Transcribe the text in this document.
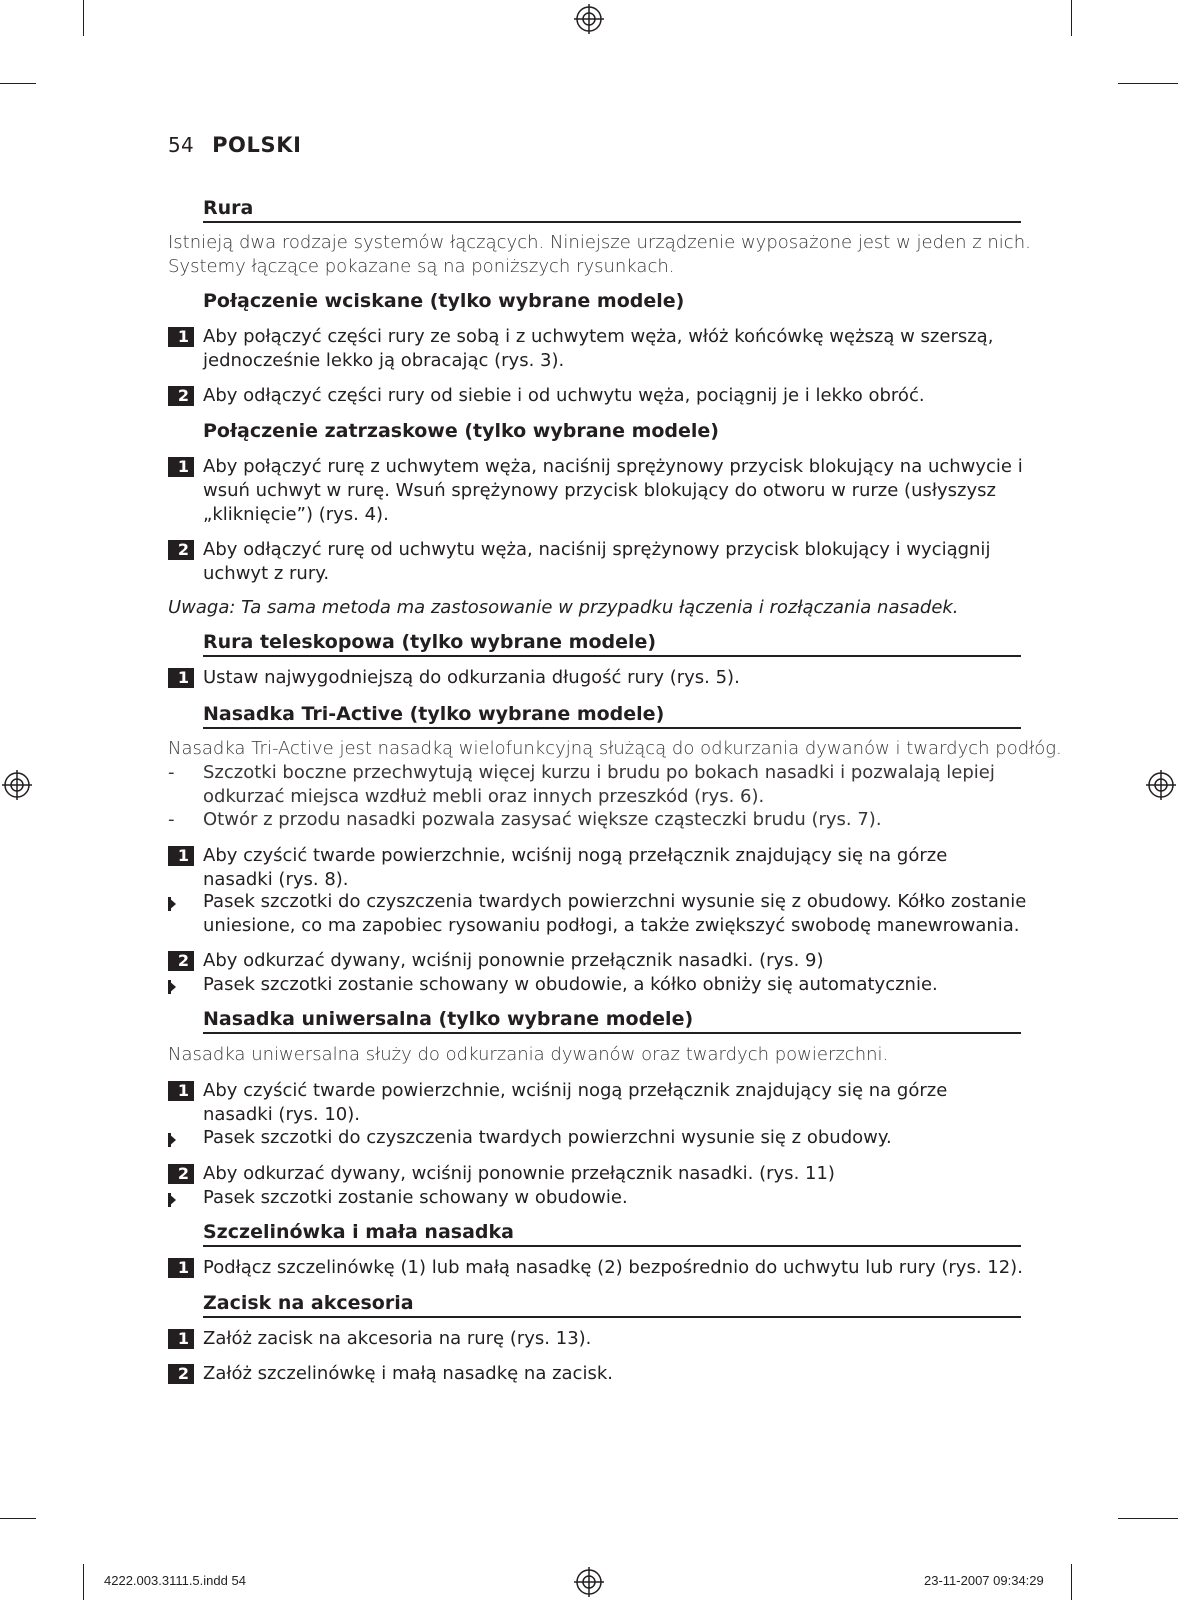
54 POLSKI
Rura
Istnieją dwa rodzaje systemów łączących. Niniejsze urządzenie wyposażone jest w jeden z nich.
Systemy łączące pokazane są na poniższych rysunkach.
Połączenie wciskane (tylko wybrane modele)
1 Aby połączyć części rury ze sobą i z uchwytem węża, włóż końcówkę węższą w szerszą,
jednocześnie lekko ją obracając (rys. 3).
2 Aby odłączyć części rury od siebie i od uchwytu węża, pociągnij je i lekko obróć.
Połączenie zatrzaskowe (tylko wybrane modele)
1 Aby połączyć rurę z uchwytem węża, naciśnij sprężynowy przycisk blokujący na uchwycie i
wsuń uchwyt w rurę. Wsuń sprężynowy przycisk blokujący do otworu w rurze (usłyszysz
„kliknięcie”) (rys. 4).
2 Aby odłączyć rurę od uchwytu węża, naciśnij sprężynowy przycisk blokujący i wyciągnij
uchwyt z rury.
Uwaga: Ta sama metoda ma zastosowanie w przypadku łączenia i rozłączania nasadek.
Rura teleskopowa (tylko wybrane modele)
1 Ustaw najwygodniejszą do odkurzania długość rury (rys. 5).
Nasadka Tri-Active (tylko wybrane modele)
Nasadka Tri-Active jest nasadką wielofunkcyjną służącą do odkurzania dywanów i twardych podłóg.
- Szczotki boczne przechwytują więcej kurzu i brudu po bokach nasadki i pozwalają lepiej
odkurzać miejsca wzdłuż mebli oraz innych przeszkód (rys. 6).
- Otwór z przodu nasadki pozwala zasysać większe cząsteczki brudu (rys. 7).
1 Aby czyścić twarde powierzchnie, wciśnij nogą przełącznik znajdujący się na górze
nasadki (rys. 8).
Pasek szczotki do czyszczenia twardych powierzchni wysunie się z obudowy. Kółko zostanie
uniesione, co ma zapobiec rysowaniu podłogi, a także zwiększyć swobodę manewrowania.
2 Aby odkurzać dywany, wciśnij ponownie przełącznik nasadki. (rys. 9)
Pasek szczotki zostanie schowany w obudowie, a kółko obniży się automatycznie.
Nasadka uniwersalna (tylko wybrane modele)
Nasadka uniwersalna służy do odkurzania dywanów oraz twardych powierzchni.
1 Aby czyścić twarde powierzchnie, wciśnij nogą przełącznik znajdujący się na górze
nasadki (rys. 10).
Pasek szczotki do czyszczenia twardych powierzchni wysunie się z obudowy.
2 Aby odkurzać dywany, wciśnij ponownie przełącznik nasadki. (rys. 11)
Pasek szczotki zostanie schowany w obudowie.
Szczelinówka i mała nasadka
1 Podłącz szczelinówkę (1) lub małą nasadkę (2) bezpośrednio do uchwytu lub rury (rys. 12).
Zacisk na akcesoria
1 Załóż zacisk na akcesoria na rurę (rys. 13).
2 Załóż szczelinówkę i małą nasadkę na zacisk.
4222.003.3111.5.indd 54	23-11-2007 09:34:29
